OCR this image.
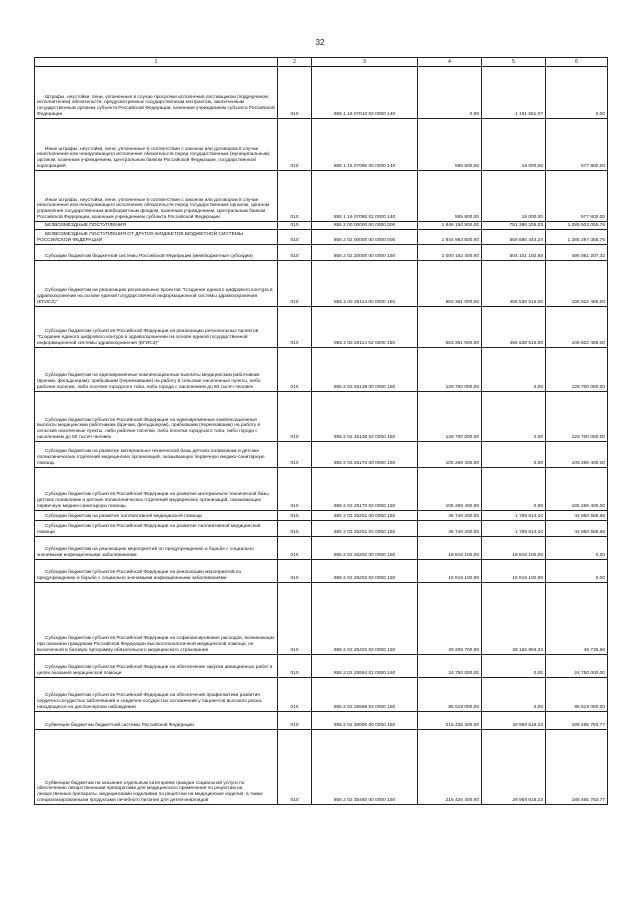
32
1	2	3	4	5	6
Штрафы, неустойки, пени, уплаченные в случае просрочки исполнения поставщиком (подрядчиком, исполнителем) обязательств, предусмотренных государственным контрактом, заключенным государственным органом субъекта Российской Федерации, казенным учреждением субъекта Российской Федерации	010	855 1 16 07010 02 0000 140	0,00	1 191 561,07	0,00
Иные штрафы, неустойки, пени, уплаченные в соответствии с законом или договором в случае неисполнения или ненадлежащего исполнения обязательств перед государственным (муниципальным) органом, казенным учреждением, Центральным банком Российской Федерации, государственной корпорацией	010	855 1 16 07090 00 0000 140	595 800,00	18 000,00	577 800,00
Иные штрафы, неустойки, пени, уплаченные в соответствии с законом или договором в случае неисполнения или ненадлежащего исполнения обязательств перед государственным органом, органом управления государственным внебюджетным фондом, казенным учреждением, Центральным банком Российской Федерации, казенным учреждением субъекта Российской Федерации	010	855 1 16 07090 02 0000 140	595 800,00	18 000,00	577 800,00
БЕЗВОЗМЕЗДНЫЕ ПОСТУПЛЕНИЯ	010	855 2 00 00000 00 0000 000	1 846 150 500,00	751 386 226,03	1 285 502 055,76
БЕЗВОЗМЕЗДНЫЕ ПОСТУПЛЕНИЯ ОТ ДРУГИХ БЮДЖЕТОВ БЮДЖЕТНОЙ СИСТЕМЫ РОССИЙСКОЙ ФЕДЕРАЦИИ	010	855 2 02 00000 00 0000 000	1 844 983 600,00	559 686 444,24	1 285 297 355,76
Субсидии бюджетам бюджетной системы Российской Федерации (межбюджетные субсидии)	010	855 2 02 20000 00 0000 150	1 000 162 400,00	504 101 192,68	496 061 207,32
Субсидии бюджетам на реализацию региональных проектов "Создание единого цифрового контура в здравоохранении на основе единой государственной информационной системы здравоохранения (ЕГИСЗ)"	010	855 2 02 25114 00 0000 150	563 361 000,00	456 538 515,00	106 822 485,00
Субсидии бюджетам субъектов Российской Федерации на реализацию региональных проектов "Создание единого цифрового контура в здравоохранении на основе единой государственной информационной системы здравоохранения (ЕГИСЗ)"	010	855 2 02 25114 02 0000 150	563 361 000,00	456 538 515,00	106 822 485,00
Субсидии бюджетам на единовременные компенсационные выплаты медицинским работникам (врачам, фельдшерам), прибывшим (переехавшим) на работу в сельские населенные пункты, либо рабочие поселки, либо поселки городского типа, либо города с населением до 50 тысяч человек	010	855 2 02 25138 00 0000 150	128 700 000,00	0,00	128 700 000,00
Субсидии бюджетам субъектов Российской Федерации на единовременные компенсационные выплаты медицинским работникам (врачам, фельдшерам), прибывшим (переехавшим) на работу в сельские населенные пункты, либо рабочие поселки, либо поселки городского типа, либо города с населением до 50 тысяч человек	010	855 2 02 25138 02 0000 150	128 700 000,00	0,00	128 700 000,00
Субсидии бюджетам на развитие материально-технической базы детских поликлиник и детских поликлинических отделений медицинских организаций, оказывающих первичную медико-санитарную помощь	010	855 2 02 25170 00 0000 150	105 269 400,00	0,00	105 269 400,00
Субсидии бюджетам субъектов Российской Федерации на развитие материально-технической базы детских поликлиник и детских поликлинических отделений медицинских организаций, оказывающих первичную медико-санитарную помощь	010	855 2 02 25170 02 0000 150	105 269 400,00	0,00	105 269 400,00
Субсидии бюджетам на развитие паллиативной медицинской помощи	010	855 2 02 25201 00 0000 150	46 740 200,00	1 789 614,34	44 950 585,66
Субсидии бюджетам субъектов Российской Федерации на развитие паллиативной медицинской помощи	010	855 2 02 25201 02 0000 150	46 740 200,00	1 789 614,34	44 950 585,66
Субсидии бюджетам на реализацию мероприятий по предупреждению и борьбе с социально значимыми инфекционными заболеваниями	010	855 2 02 25202 00 0000 150	16 616 100,00	16 616 100,00	0,00
Субсидии бюджетам субъектов Российской Федерации на реализацию мероприятий по предупреждению и борьбе с социально значимыми инфекционными заболеваниями	010	855 2 02 25202 02 0000 150	16 616 100,00	16 616 100,00	0,00
Субсидии бюджетам субъектов Российской Федерации на софинансирование расходов, возникающих при оказании гражданам Российской Федерации высокотехнологичной медицинской помощи, не включенной в базовую программу обязательного медицинского страхования	010	855 2 02 25402 02 0000 150	29 206 700,00	29 156 963,34	49 736,66
Субсидии бюджетам субъектов Российской Федерации на обеспечение закупки авиационных работ в целях оказания медицинской помощи	010	855 2 02 25554 02 0000 150	24 750 000,00	0,00	24 750 000,00
Субсидии бюджетам субъектов Российской Федерации на обеспечение профилактики развития сердечно-сосудистых заболеваний и сердечно-сосудистых осложнений у пациентов высокого риска, находящихся на диспансерном наблюдении	010	855 2 02 25586 02 0000 150	85 519 000,00	0,00	85 519 000,00
Субвенции бюджетам бюджетной системы Российской Федерации	010	855 2 02 30000 00 0000 150	215 425 400,00	29 959 616,23	185 465 783,77
Субвенции бюджетам на оказание отдельным категориям граждан социальной услуги по обеспечению лекарственными препаратами для медицинского применения по рецептам на лекарственные препараты, медицинскими изделиями по рецептам на медицинские изделия, а также специализированными продуктами лечебного питания для детей-инвалидов	010	855 2 02 35460 00 0000 150	215 425 400,00	29 959 616,23	185 465 783,77
